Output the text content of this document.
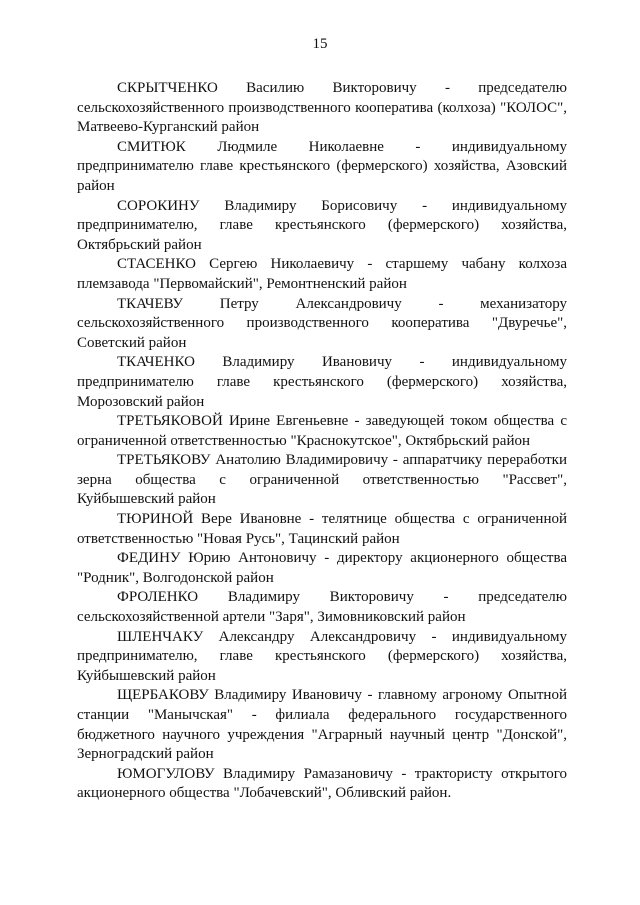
15

СКРЫТЧЕНКО Василию Викторовичу - председателю сельскохозяйственного производственного кооператива (колхоза) "КОЛОС", Матвеево-Курганский район

СМИТЮК Людмиле Николаевне - индивидуальному предпринимателю главе крестьянского (фермерского) хозяйства, Азовский район

СОРОКИНУ Владимиру Борисовичу - индивидуальному предпринимателю, главе крестьянского (фермерского) хозяйства, Октябрьский район

СТАСЕНКО Сергею Николаевичу - старшему чабану колхоза племзавода "Первомайский", Ремонтненский район

ТКАЧЕВУ Петру Александровичу - механизатору сельскохозяйственного производственного кооператива "Двуречье", Советский район

ТКАЧЕНКО Владимиру Ивановичу - индивидуальному предпринимателю главе крестьянского (фермерского) хозяйства, Морозовский район

ТРЕТЬЯКОВОЙ Ирине Евгеньевне - заведующей током общества с ограниченной ответственностью "Краснокутское", Октябрьский район

ТРЕТЬЯКОВУ Анатолию Владимировичу - аппаратчику переработки зерна общества с ограниченной ответственностью "Рассвет", Куйбышевский район

ТЮРИНОЙ Вере Ивановне - телятнице общества с ограниченной ответственностью "Новая Русь", Тацинский район

ФЕДИНУ Юрию Антоновичу - директору акционерного общества "Родник", Волгодонской район

ФРОЛЕНКО Владимиру Викторовичу - председателю сельскохозяйственной артели "Заря", Зимовниковский район

ШЛЕНЧАКУ Александру Александровичу - индивидуальному предпринимателю, главе крестьянского (фермерского) хозяйства, Куйбышевский район

ЩЕРБАКОВУ Владимиру Ивановичу - главному агроному Опытной станции "Манычская" - филиала федерального государственного бюджетного научного учреждения "Аграрный научный центр "Донской", Зерноградский район

ЮМОГУЛОВУ Владимиру Рамазановичу - трактористу открытого акционерного общества "Лобачевский", Обливский район.
